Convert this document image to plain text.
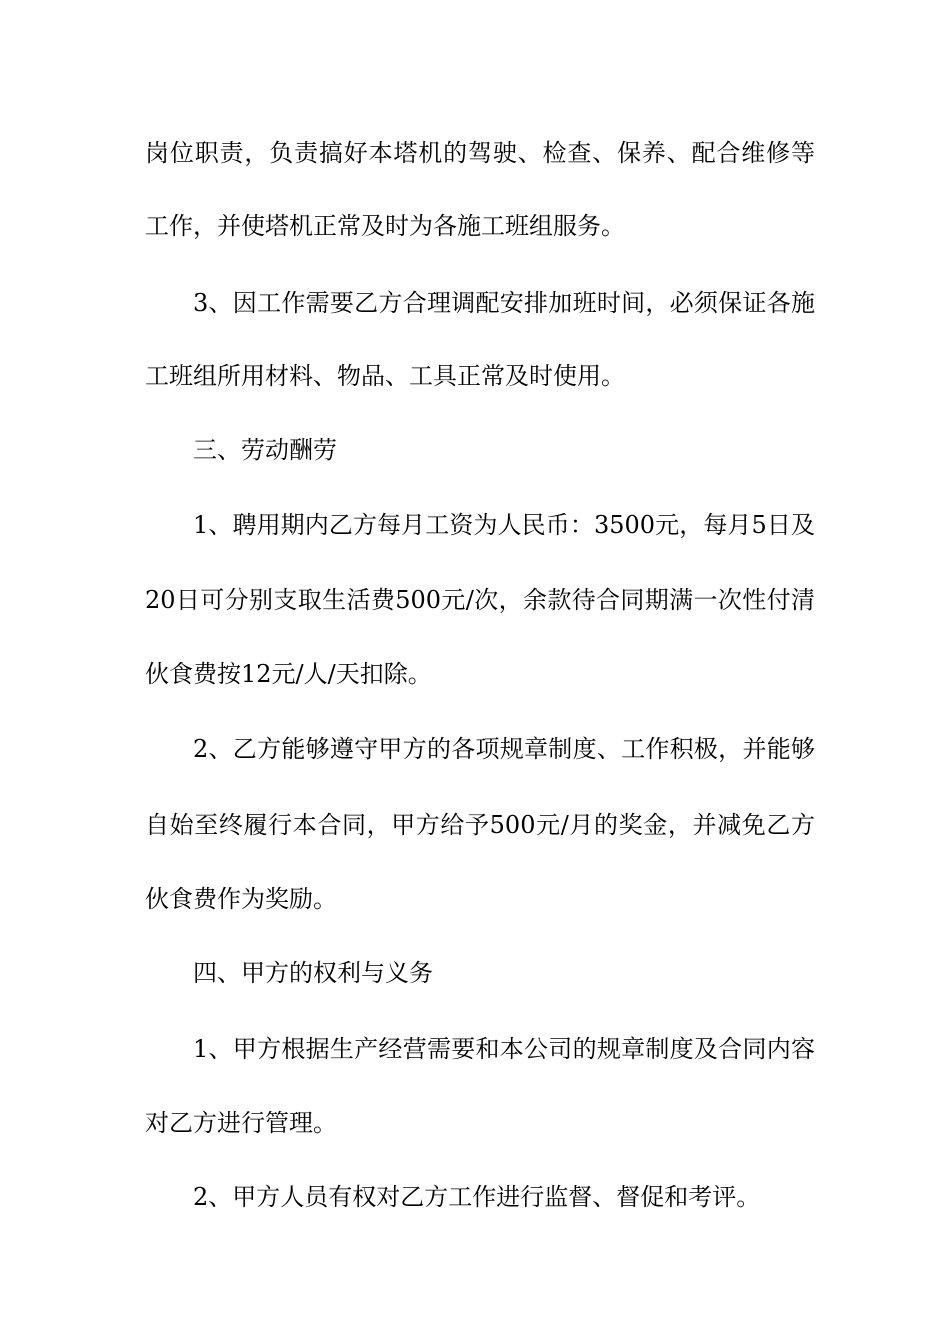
岗位职责，负责搞好本塔机的驾驶、检查、保养、配合维修等
工作，并使塔机正常及时为各施工班组服务。
3、因工作需要乙方合理调配安排加班时间，必须保证各施
工班组所用材料、物品、工具正常及时使用。
三、劳动酬劳
1、聘用期内乙方每月工资为人民币：3500元，每月5日及
20日可分别支取生活费500元/次，余款待合同期满一次性付清
伙食费按12元/人/天扣除。
2、乙方能够遵守甲方的各项规章制度、工作积极，并能够
自始至终履行本合同，甲方给予500元/月的奖金，并减免乙方
伙食费作为奖励。
四、甲方的权利与义务
1、甲方根据生产经营需要和本公司的规章制度及合同内容
对乙方进行管理。
2、甲方人员有权对乙方工作进行监督、督促和考评。
